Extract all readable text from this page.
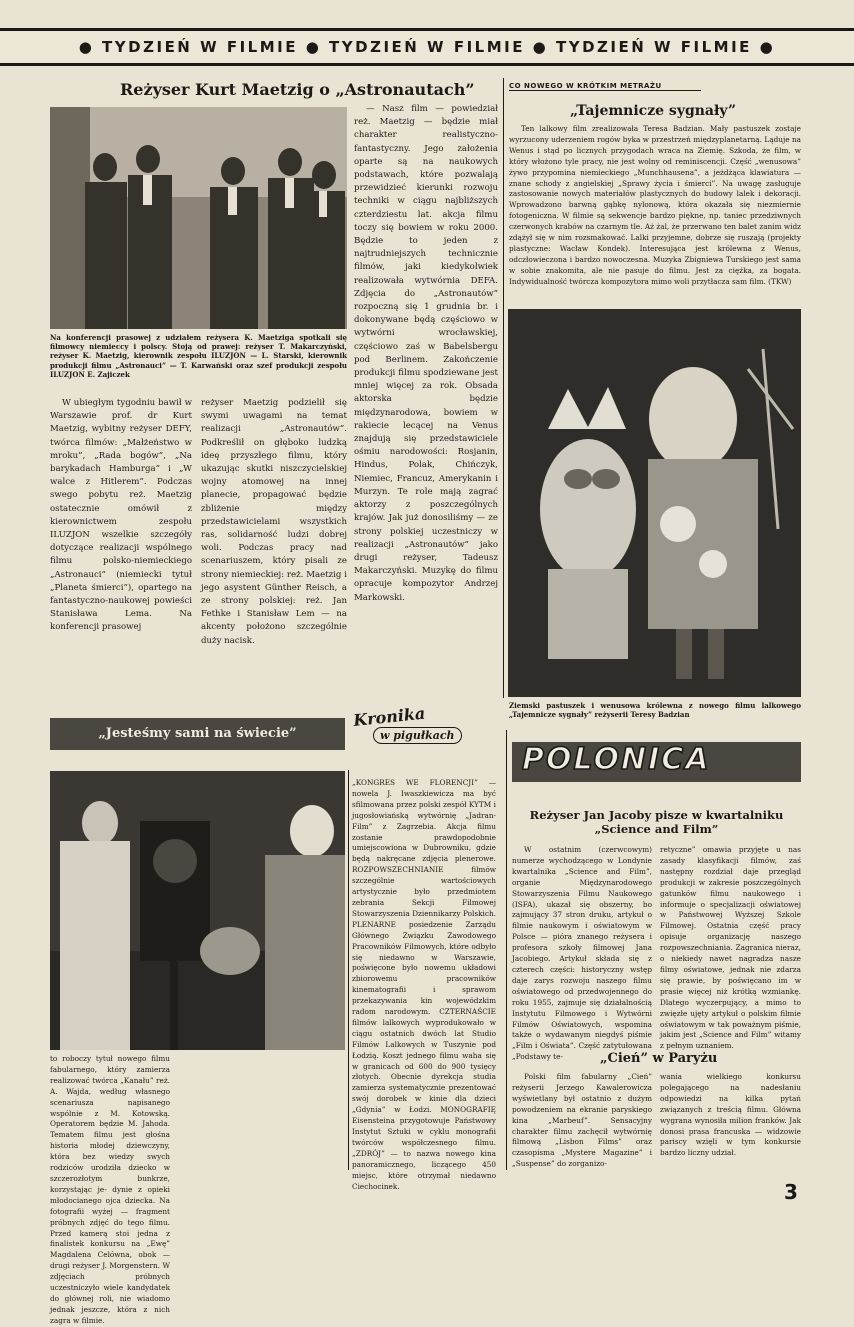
● TYDZIEŃ W FILMIE ● TYDZIEŃ W FILMIE ● TYDZIEŃ W FILMIE ●
Reżyser Kurt Maetzig o „Astronautach”
Na konferencji prasowej z udziałem reżysera K. Maetziga spotkali się filmowcy niemieccy i polscy. Stoją od prawej: reżyser T. Makarczyński, reżyser K. Maetzig, kierownik zespołu ILUZJON — L. Starski, kierownik produkcji filmu „Astronauci” — T. Karwański oraz szef produkcji zespołu ILUZJON E. Zajiczek

W ubiegłym tygodniu bawił w Warszawie prof. dr Kurt Maetzig, wybitny reżyser DEFY, twórca filmów: „Małżeństwo w mroku”, „Rada bogów”, „Na barykadach Hamburga” i „W walce z Hitlerem”. Podczas swego pobytu reż. Maetzig ostatecznie omówił z kierownictwem zespołu ILUZJON wszelkie szczegóły dotyczące realizacji wspólnego filmu polsko-niemieckiego „Astronauci” (niemiecki tytuł „Planeta śmierci”), opartego na fantastyczno-naukowej powieści Stanisława Lema. Na konferencji prasowej

reżyser Maetzig podzielił się swymi uwagami na temat realizacji „Astronautów”. Podkreślił on głęboko ludzką ideę przyszłego filmu, który ukazując skutki niszczycielskiej wojny atomowej na innej planecie, propagować będzie zbliżenie między przedstawicielami wszystkich ras, solidarność ludzi dobrej woli. Podczas pracy nad scenariuszem, który pisali ze strony niemieckiej: reż. Maetzig i jego asystent Günther Reisch, a ze strony polskiej: reż. Jan Fethke i Stanisław Lem — na akcenty położono szczególnie duży nacisk.

— Nasz film — powiedział reż. Maetzig — będzie miał charakter realistyczno-fantastyczny. Jego założenia oparte są na naukowych podstawach, które pozwalają przewidzieć kierunki rozwoju techniki w ciągu najbliższych czterdziestu lat. akcja filmu toczy się bowiem w roku 2000. Będzie to jeden z najtrudniejszych technicznie filmów, jaki kiedykolwiek realizowała wytwórnia DEFA. Zdjęcia do „Astronautów” rozpoczną się 1 grudnia br. i dokonywane będą częściowo w wytwórni wrocławskiej, częściowo zaś w Babelsbergu pod Berlinem. Zakończenie produkcji filmu spodziewane jest mniej więcej za rok. Obsada aktorska będzie międzynarodowa, bowiem w rakiecie lecącej na Venus znajdują się przedstawiciele ośmiu narodowości: Rosjanin, Hindus, Polak, Chińczyk, Niemiec, Francuz, Amerykanin i Murzyn. Te role mają zagrać aktorzy z poszczególnych krajów. Jak już donosiliśmy — ze strony polskiej uczestniczy w realizacji „Astronautów” jako drugi reżyser, Tadeusz Makarczyński. Muzykę do filmu opracuje kompozytor Andrzej Markowski.

CO NOWEGO W KRÓTKIM METRAŻU
„Tajemnicze sygnały”

Ten lalkowy film zrealizowała Teresa Badzian. Mały pastuszek zostaje wyrzucony uderzeniem rogów byka w przestrzeń międzyplanetarną. Ląduje na Wenus i stąd po licznych przygodach wraca na Ziemię. Szkoda, że film, w który włożono tyle pracy, nie jest wolny od reminiscencji. Część „wenusowa” żywo przypomina niemieckiego „Munchhausena”, a jeżdżąca klawiatura — znane schody z angielskiej „Sprawy życia i śmierci”. Na uwagę zasługuje zastosowanie nowych materiałów plastycznych do budowy lalek i dekoracji. Wprowadzono barwną gąbkę nylonową, która okazała się niezmiernie fotogeniczna. W filmie są sekwencje bardzo piękne, np. taniec przedziwnych czerwonych krabów na czarnym tle. Aż żal, że przerwano ten balet zanim widz zdążył się w nim rozsmakować. Lalki przyjemne, dobrze się ruszają (projekty plastyczne: Wacław Kondek). Interesująca jest królewna z Wenus, odczłowieczona i bardzo nowoczesna. Muzyka Zbigniewa Turskiego jest sama w sobie znakomita, ale nie pasuje do filmu. Jest za ciężka, za bogata. Indywidualność twórcza kompozytora mimo woli przytłacza sam film. (TKW)

Ziemski pastuszek i wenusowa królewna z nowego filmu lalkowego „Tajemnicze sygnały” reżyserii Teresy Badzian
„Jesteśmy sami na świecie”

to roboczy tytuł nowego filmu fabularnego, który zamierza realizować twórca „Kanału” reż. A. Wajda, według własnego scenariusza napisanego wspólnie z M. Kotowską. Operatorem będzie M. Jahoda. Tematem filmu jest głośna historia młodej dziewczyny, która bez wiedzy swych rodziców urodziła dziecko w szczerozłotym bunkrze, korzystając je- dynie z opieki młodocianego ojca dziecka. Na fotografii wyżej — fragment próbnych zdjęć do tego filmu. Przed kamerą stoi jedna z finalistek konkursu na „Ewę” Magdalena Celówna, obok — drugi reżyser J. Morgenstern. W zdjęciach próbnych uczestniczyło wiele kandydatek do głównej roli, nie wiadomo jednak jeszcze, która z nich zagra w filmie.

Kronika
w pigułkach

„KONGRES WE FLORENCJI” — nowela J. Iwaszkiewicza ma być sfilmowana przez polski zespół KYTM i jugosłowiańską wytwórnię „Jadran-Film” z Zagrzebia. Akcja filmu zostanie prawdopodobnie umiejscowiona w Dubrowniku, gdzie będą nakręcane zdjęcia plenerowe. ROZPOWSZECHNIANIE filmów szczególnie wartościowych artystycznie było przedmiotem zebrania Sekcji Filmowej Stowarzyszenia Dziennikarzy Polskich. PLENARNE posiedzenie Zarządu Głównego Związku Zawodowego Pracowników Filmowych, które odbyło się niedawno w Warszawie, poświęcone było nowemu układowi zbiorowemu pracowników kinematografii i sprawom przekazywania kin wojewódzkim radom narodowym. CZTERNAŚCIE filmów lalkowych wyprodukowało w ciągu ostatnich dwóch lat Studio Filmów Lalkowych w Tuszynie pod Łodzią. Koszt jednego filmu waha się w granicach od 600 do 900 tysięcy złotych. Obecnie dyrekcja studia zamierza systematycznie prezentować swój dorobek w kinie dla dzieci „Gdynia” w Łodzi. MONOGRAFIĘ Eisensteina przygotowuje Państwowy Instytut Sztuki w cyklu monografii twórców współczesnego filmu. „ZDRÓJ” — to nazwa nowego kina panoramicznego, liczącego 450 miejsc, które otrzymał niedawno Ciechocinek.

POLONICA
Reżyser Jan Jacoby pisze w kwartalniku
„Science and Film”

W ostatnim (czerwcowym) numerze wychodzącego w Londynie kwartalnika „Science and Film”, organie Międzynarodowego Stowarzyszenia Filmu Naukowego (ISFA), ukazał się obszerny, bo zajmujący 37 stron druku, artykuł o filmie naukowym i oświatowym w Polsce — pióra znanego reżysera i profesora szkoły filmowej Jana Jacobiego. Artykuł składa się z czterech części: historyczny wstęp daje zarys rozwoju naszego filmu oświatowego od przedwojennego do roku 1955, zajmuje się działalnością Instytutu Filmowego i Wytwórni Filmów Oświatowych, wspomina także o wydawanym niegdyś piśmie „Film i Oświata”. Część zatytułowana „Podstawy te-

retyczne” omawia przyjęte u nas zasady klasyfikacji filmów, zaś następny rozdział daje przegląd produkcji w zakresie poszczególnych gatunków filmu naukowego i informuje o specjalizacji oświatowej w Państwowej Wyższej Szkole Filmowej. Ostatnia część pracy opisuje organizację naszego rozpowszechniania. Zagranica nieraz, o niekiedy nawet nagradza nasze filmy oświatowe, jednak nie zdarza się prawie, by poświęcano im w prasie więcej niż krótką wzmiankę. Dlatego wyczerpujący, a mimo to zwięzłe ujęty artykuł o polskim filmie oświatowym w tak poważnym piśmie, jakim jest „Science and Film” witamy z pełnym uznaniem.

„Cień” w Paryżu

Polski film fabularny „Cień” reżyserii Jerzego Kawalerowicza wyświetlany był ostatnio z dużym powodzeniem na ekranie paryskiego kina „Marbeuf”. Sensacyjny charakter filmu zachęcił wytwórnię filmową „Lisbon Films” oraz czasopisma „Mystere Magazine” i „Suspense” do zorganizo-

wania wielkiego konkursu polegającego na nadesłaniu odpowiedzi na kilka pytań związanych z treścią filmu. Główna wygrana wynosiła milion franków. Jak donosi prasa francuska — widzowie pariscy wzięli w tym konkursie bardzo liczny udział.

3
